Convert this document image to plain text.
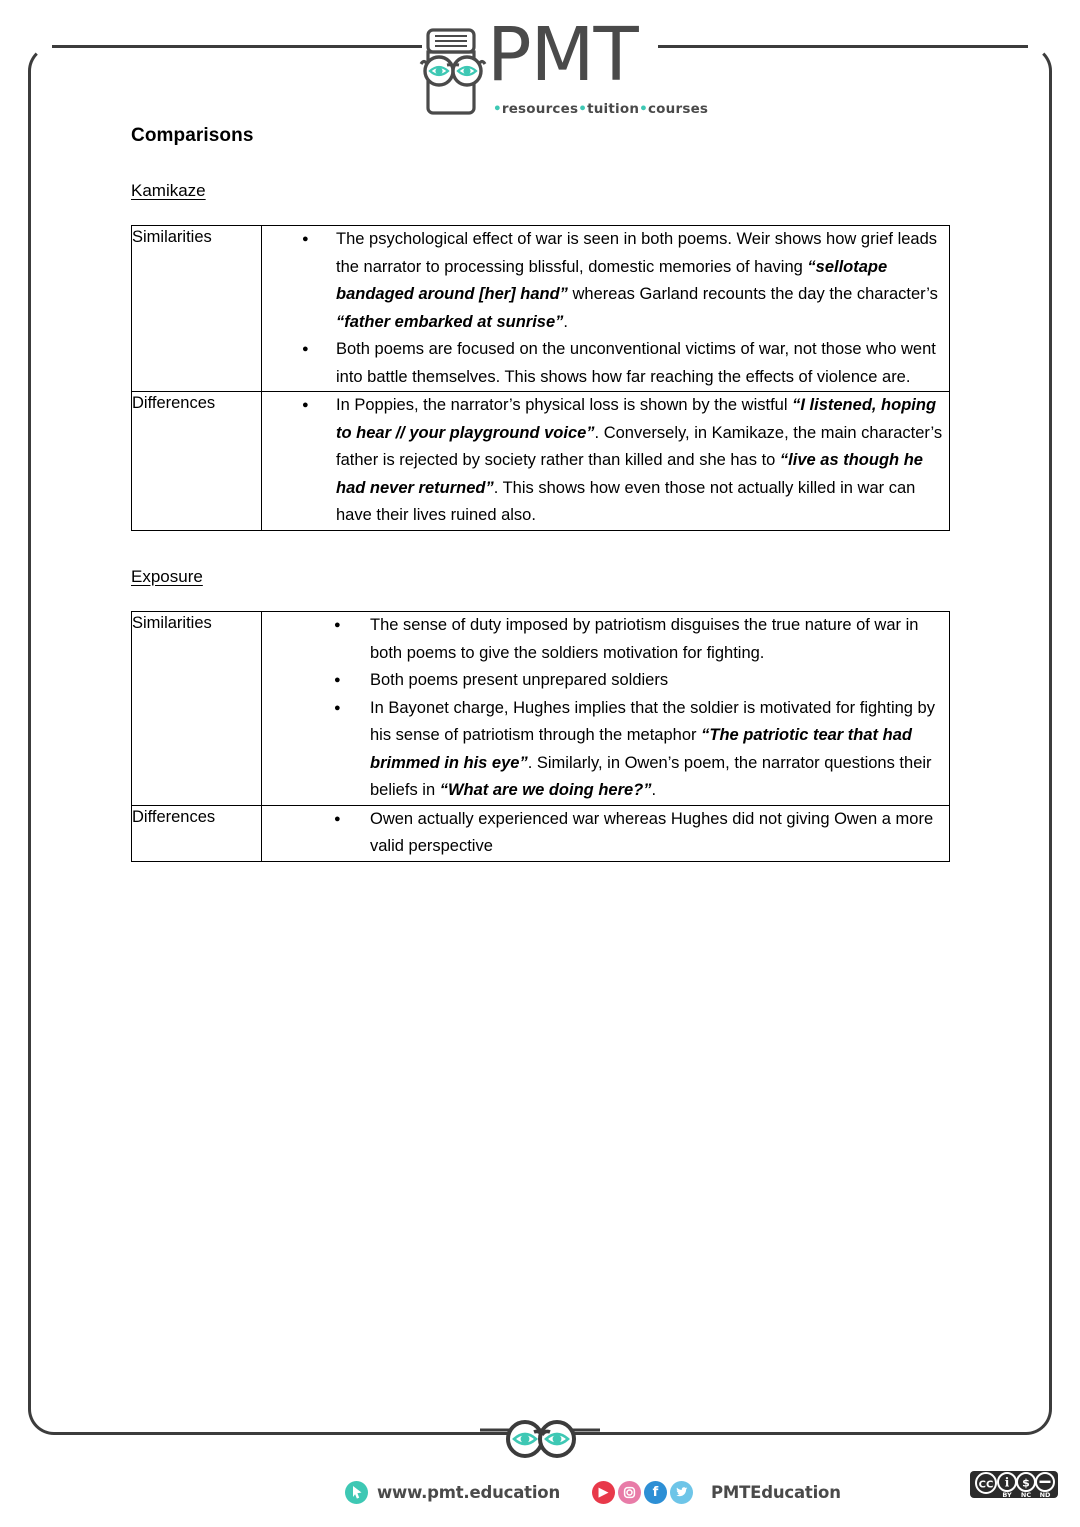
PMT
•resources•tuition•courses
Comparisons
Kamikaze
Similarities	
●The psychological effect of war is seen in both poems. Weir shows how grief leads the narrator to processing blissful, domestic memories of having “sellotape bandaged around [her] hand” whereas Garland recounts the day the character’s “father embarked at sunrise”.
● Both poems are focused on the unconventional victims of war, not those who went into battle themselves. This shows how far reaching the effects of violence are.

Differences	
●In Poppies, the narrator’s physical loss is shown by the wistful “I listened, hoping to hear // your playground voice”. Conversely, in Kamikaze, the main character’s father is rejected by society rather than killed and she has to “live as though he had never returned”. This shows how even those not actually killed in war can have their lives ruined also.
Exposure
Similarities	
●The sense of duty imposed by patriotism disguises the true nature of war in both poems to give the soldiers motivation for fighting.
● Both poems present unprepared soldiers
● In Bayonet charge, Hughes implies that the soldier is motivated for fighting by his sense of patriotism through the metaphor “The patriotic tear that had brimmed in his eye”. Similarly, in Owen’s poem, the narrator questions their beliefs in “What are we doing here?”.

Differences	
●Owen actually experienced war whereas Hughes did not giving Owen a more valid perspective
www.pmt.education	▶	f	PMTEducation	CC i $
BY NC ND
